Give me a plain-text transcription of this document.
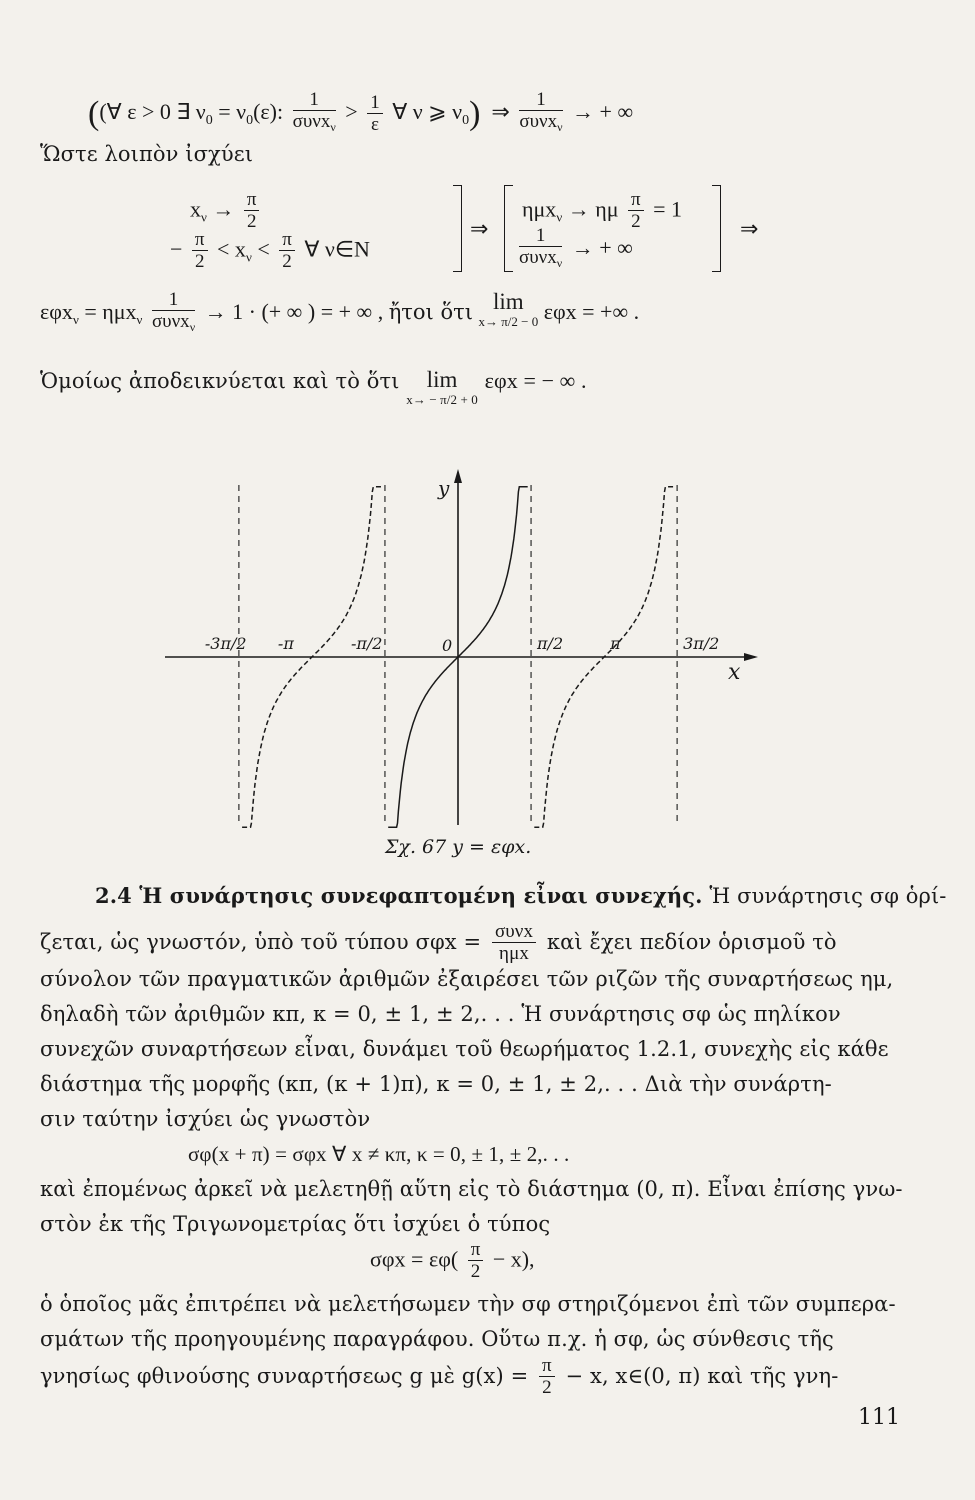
((∀ ε > 0 ∃ $\nu_0 = \nu_0(\varepsilon)$: $\frac{1}{\sigma\upsilon\nu x_\nu} > \frac{1}{\varepsilon}$ ∀ ν ⩾ $\nu_0$) ⇒ $\frac{1}{\sigma\upsilon\nu x_\nu}$ → + ∞
Ὥστε λοιπὸν ἰσχύει
$x_\nu \to \frac{\pi}{2}$
− $\frac{\pi}{2} < x_\nu < \frac{\pi}{2}$ ∀ ν∈N
⇒
ημx$_\nu$ → ημ $\frac{\pi}{2} = 1$
$\frac{1}{\sigma\upsilon\nu x_\nu}$ → + ∞
⇒
$\varepsilon\varphi x_\nu = \eta\mu x_\nu \frac{1}{\sigma\upsilon\nu x_\nu} \to 1$ · (+ ∞ ) = + ∞ , ἤτοι ὅτι lim
x→ π/2 − 0 εφx = +∞ .
Ὁμοίως ἀποδεικνύεται καὶ τὸ ὅτι	lim
x→ − π/2 + 0
εφx = − ∞ .
-3π/2 -π	-π/2	π/2	π	3π/2
0
x
y
Σχ. 67 y = εφx.
2.4 Ἡ συνάρτησις συνεφαπτομένη εἶναι συνεχής. Ἡ συνάρτησις σφ ὁρί-
ζεται, ὡς γνωστόν, ὑπὸ τοῦ τύπου $\sigma\varphi x = \frac{\text{συνx}}{\text{ημx}}$ καὶ ἔχει πεδίον ὁρισμοῦ τὸ
σύνολον τῶν πραγματικῶν ἀριθμῶν ἐξαιρέσει τῶν ριζῶν τῆς συναρτήσεως ημ,
δηλαδὴ τῶν ἀριθμῶν κπ, κ = 0, ± 1, ± 2,. . . Ἡ συνάρτησις σφ ὡς πηλίκον
συνεχῶν συναρτήσεων εἶναι, δυνάμει τοῦ θεωρήματος 1.2.1, συνεχὴς εἰς κάθε
διάστημα τῆς μορφῆς (κπ, (κ + 1)π), κ = 0, ± 1, ± 2,. . . Διὰ τὴν συνάρτη-
σιν ταύτην ἰσχύει ὡς γνωστὸν
σφ(x + π) = σφx ∀ x ≠ κπ, κ = 0, ± 1, ± 2,. . .
καὶ ἐπομένως ἀρκεῖ νὰ μελετηθῇ αὕτη εἰς τὸ διάστημα (0, π). Εἶναι ἐπίσης γνω-
στὸν ἐκ τῆς Τριγωνομετρίας ὅτι ἰσχύει ὁ τύπος
$\sigma\varphi x = \varepsilon\varphi( \frac{\pi}{2} - x)$,
ὁ ὁποῖος μᾶς ἐπιτρέπει νὰ μελετήσωμεν τὴν σφ στηριζόμενοι ἐπὶ τῶν συμπερα-
σμάτων τῆς προηγουμένης παραγράφου. Οὕτω π.χ. ἡ σφ, ὡς σύνθεσις τῆς
γνησίως φθινούσης συναρτήσεως g μὲ $g(x) = \frac{\pi}{2} - x$, x∈(0, π) καὶ τῆς γνη-
111
